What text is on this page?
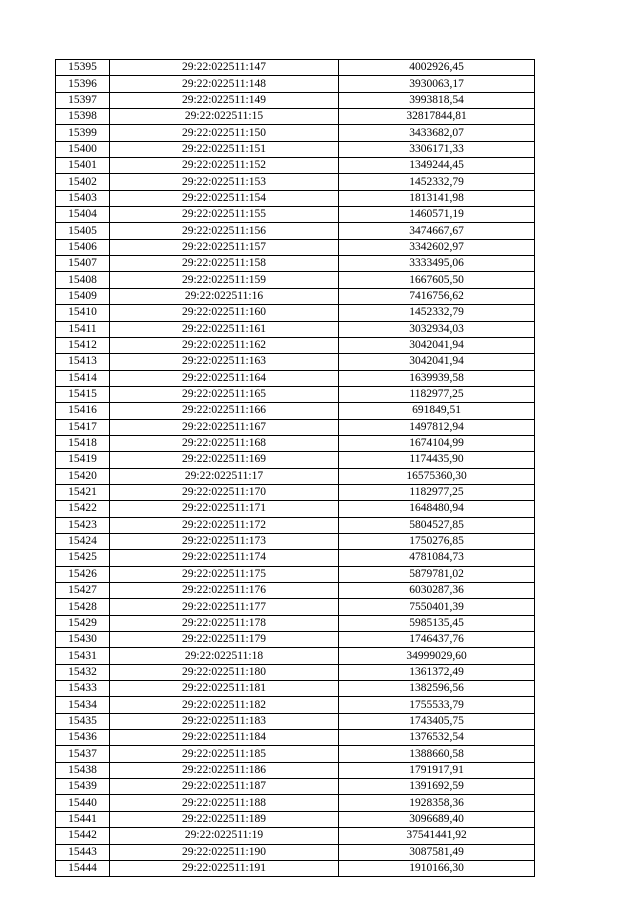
15395	29:22:022511:147	4002926,45
15396	29:22:022511:148	3930063,17
15397	29:22:022511:149	3993818,54
15398	29:22:022511:15	32817844,81
15399	29:22:022511:150	3433682,07
15400	29:22:022511:151	3306171,33
15401	29:22:022511:152	1349244,45
15402	29:22:022511:153	1452332,79
15403	29:22:022511:154	1813141,98
15404	29:22:022511:155	1460571,19
15405	29:22:022511:156	3474667,67
15406	29:22:022511:157	3342602,97
15407	29:22:022511:158	3333495,06
15408	29:22:022511:159	1667605,50
15409	29:22:022511:16	7416756,62
15410	29:22:022511:160	1452332,79
15411	29:22:022511:161	3032934,03
15412	29:22:022511:162	3042041,94
15413	29:22:022511:163	3042041,94
15414	29:22:022511:164	1639939,58
15415	29:22:022511:165	1182977,25
15416	29:22:022511:166	691849,51
15417	29:22:022511:167	1497812,94
15418	29:22:022511:168	1674104,99
15419	29:22:022511:169	1174435,90
15420	29:22:022511:17	16575360,30
15421	29:22:022511:170	1182977,25
15422	29:22:022511:171	1648480,94
15423	29:22:022511:172	5804527,85
15424	29:22:022511:173	1750276,85
15425	29:22:022511:174	4781084,73
15426	29:22:022511:175	5879781,02
15427	29:22:022511:176	6030287,36
15428	29:22:022511:177	7550401,39
15429	29:22:022511:178	5985135,45
15430	29:22:022511:179	1746437,76
15431	29:22:022511:18	34999029,60
15432	29:22:022511:180	1361372,49
15433	29:22:022511:181	1382596,56
15434	29:22:022511:182	1755533,79
15435	29:22:022511:183	1743405,75
15436	29:22:022511:184	1376532,54
15437	29:22:022511:185	1388660,58
15438	29:22:022511:186	1791917,91
15439	29:22:022511:187	1391692,59
15440	29:22:022511:188	1928358,36
15441	29:22:022511:189	3096689,40
15442	29:22:022511:19	37541441,92
15443	29:22:022511:190	3087581,49
15444	29:22:022511:191	1910166,30
